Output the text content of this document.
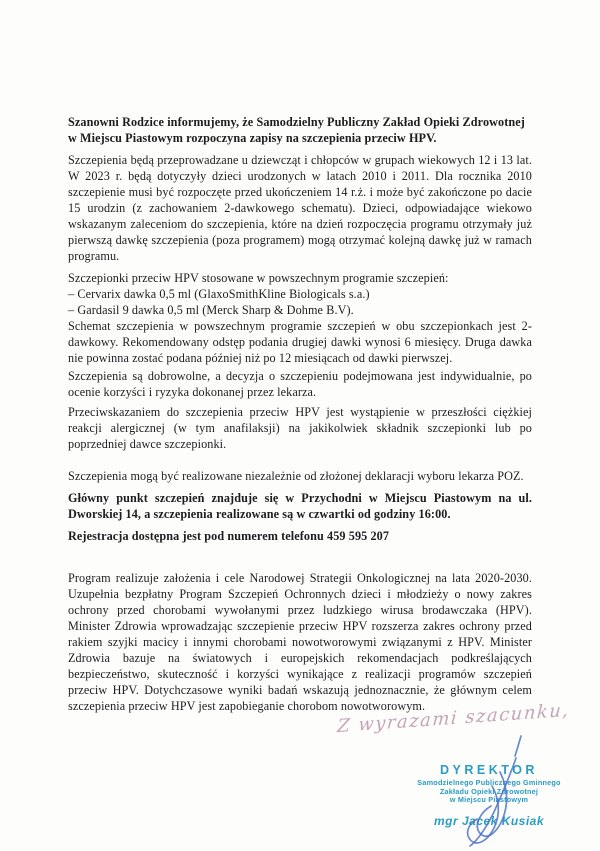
Szanowni Rodzice informujemy, że Samodzielny Publiczny Zakład Opieki Zdrowotnej w Miejscu Piastowym rozpoczyna zapisy na szczepienia przeciw HPV.

Szczepienia będą przeprowadzane u dziewcząt i chłopców w grupach wiekowych 12 i 13 lat. W 2023 r. będą dotyczyły dzieci urodzonych w latach 2010 i 2011. Dla rocznika 2010 szczepienie musi być rozpoczęte przed ukończeniem 14 r.ż. i może być zakończone po dacie 15 urodzin (z zachowaniem 2-dawkowego schematu). Dzieci, odpowiadające wiekowo wskazanym zaleceniom do szczepienia, które na dzień rozpoczęcia programu otrzymały już pierwszą dawkę szczepienia (poza programem) mogą otrzymać kolejną dawkę już w ramach programu.

Szczepionki przeciw HPV stosowane w powszechnym programie szczepień:
– Cervarix dawka 0,5 ml (GlaxoSmithKline Biologicals s.a.)
– Gardasil 9 dawka 0,5 ml (Merck Sharp & Dohme B.V).

Schemat szczepienia w powszechnym programie szczepień w obu szczepionkach jest 2-dawkowy. Rekomendowany odstęp podania drugiej dawki wynosi 6 miesięcy. Druga dawka nie powinna zostać podana później niż po 12 miesiącach od dawki pierwszej.

Szczepienia są dobrowolne, a decyzja o szczepieniu podejmowana jest indywidualnie, po ocenie korzyści i ryzyka dokonanej przez lekarza.

Przeciwskazaniem do szczepienia przeciw HPV jest wystąpienie w przeszłości ciężkiej reakcji alergicznej (w tym anafilaksji) na jakikolwiek składnik szczepionki lub po poprzedniej dawce szczepionki.

Szczepienia mogą być realizowane niezależnie od złożonej deklaracji wyboru lekarza POZ.

Główny punkt szczepień znajduje się w Przychodni w Miejscu Piastowym na ul. Dworskiej 14, a szczepienia realizowane są w czwartki od godziny 16:00.

Rejestracja dostępna jest pod numerem telefonu 459 595 207

Program realizuje założenia i cele Narodowej Strategii Onkologicznej na lata 2020-2030. Uzupełnia bezpłatny Program Szczepień Ochronnych dzieci i młodzieży o nowy zakres ochrony przed chorobami wywołanymi przez ludzkiego wirusa brodawczaka (HPV). Minister Zdrowia wprowadzając szczepienie przeciw HPV rozszerza zakres ochrony przed rakiem szyjki macicy i innymi chorobami nowotworowymi związanymi z HPV. Minister Zdrowia bazuje na światowych i europejskich rekomendacjach podkreślających bezpieczeństwo, skuteczność i korzyści wynikające z realizacji programów szczepień przeciw HPV. Dotychczasowe wyniki badań wskazują jednoznacznie, że głównym celem szczepienia przeciw HPV jest zapobieganie chorobom nowotworowym.

Z wyrazami szacunku,
DYREKTOR
Samodzielnego Publicznego Gminnego
Zakładu Opieki Zdrowotnej
w Miejscu Piastowym
mgr Jacek Kusiak
